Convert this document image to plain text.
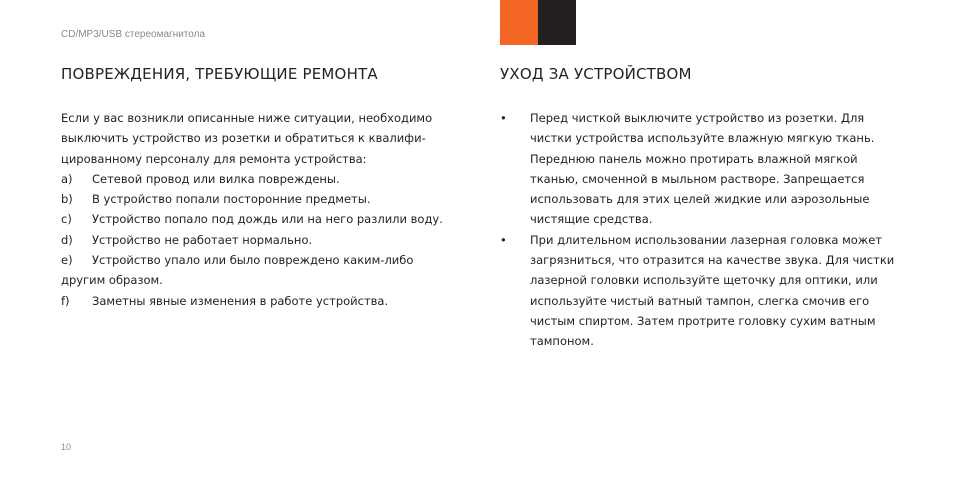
CD/MP3/USB стереомагнитола
ПОВРЕЖДЕНИЯ, ТРЕБУЮЩИЕ РЕМОНТА
Если у вас возникли описанные ниже ситуации, необходимо выключить устройство из розетки и обратиться к квалифицированному персоналу для ремонта устройства:
a) Сетевой провод или вилка повреждены.
b) В устройство попали посторонние предметы.
c) Устройство попало под дождь или на него разлили воду.
d) Устройство не работает нормально.
e) Устройство упало или было повреждено каким-либо другим образом.
f) Заметны явные изменения в работе устройства.
УХОД ЗА УСТРОЙСТВОМ
• Перед чисткой выключите устройство из розетки. Для чистки устройства используйте влажную мягкую ткань. Переднюю панель можно протирать влажной мягкой тканью, смоченной в мыльном растворе. Запрещается использовать для этих целей жидкие или аэрозольные чистящие средства.
• При длительном использовании лазерная головка может загрязниться, что отразится на качестве звука. Для чистки лазерной головки используйте щеточку для оптики, или используйте чистый ватный тампон, слегка смочив его чистым спиртом. Затем протрите головку сухим ватным тампоном.
10
